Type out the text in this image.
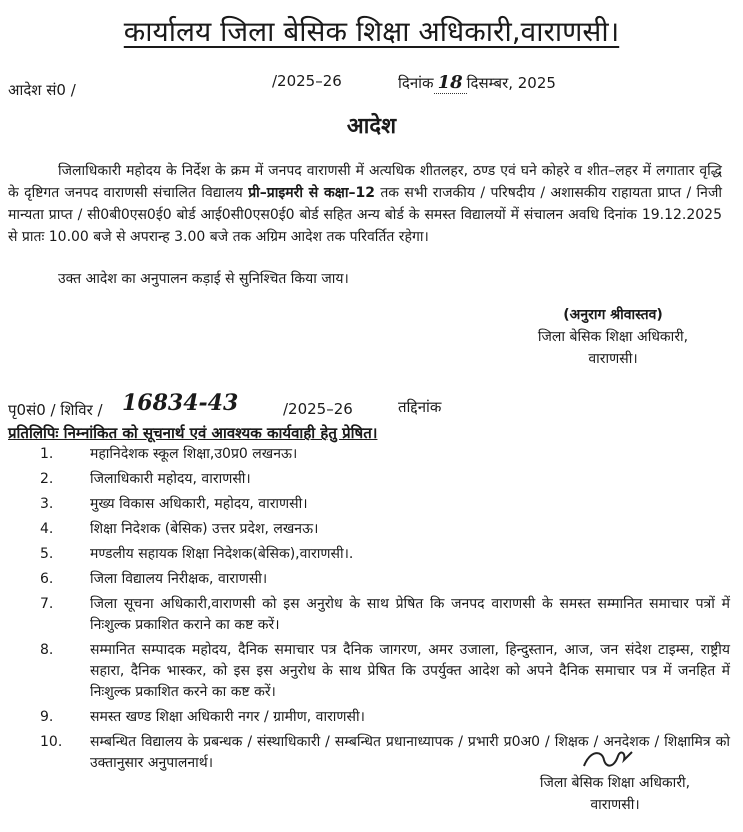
कार्यालय जिला बेसिक शिक्षा अधिकारी,वाराणसी।
आदेश सं0 /	/2025–26	दिनांक 18 दिसम्बर, 2025
आदेश
जिलाधिकारी महोदय के निर्देश के क्रम में जनपद वाराणसी में अत्यधिक शीतलहर, ठण्ड एवं घने कोहरे व शीत–लहर में लगातार वृद्धि के दृष्टिगत जनपद वाराणसी संचालित विद्यालय प्री–प्राइमरी से कक्षा–12 तक सभी राजकीय / परिषदीय / अशासकीय राहायता प्राप्त / निजी मान्यता प्राप्त / सी0बी0एस0ई0 बोर्ड आई0सी0एस0ई0 बोर्ड सहित अन्य बोर्ड के समस्त विद्यालयों में संचालन अवधि दिनांक 19.12.2025 से प्रातः 10.00 बजे से अपरान्ह 3.00 बजे तक अग्रिम आदेश तक परिवर्तित रहेगा।
उक्त आदेश का अनुपालन कड़ाई से सुनिश्चित किया जाय।
(अनुराग श्रीवास्तव)
जिला बेसिक शिक्षा अधिकारी,
वाराणसी।
पृ0सं0 / शिविर / 16834-43	/2025–26	तद्दिनांक
प्रतिलिपिः निम्नांकित को सूचनार्थ एवं आवश्यक कार्यवाही हेतु प्रेषित।
1.	महानिदेशक स्कूल शिक्षा,उ0प्र0 लखनऊ।
2.	जिलाधिकारी महोदय, वाराणसी।
3.	मुख्य विकास अधिकारी, महोदय, वाराणसी।
4.	शिक्षा निदेशक (बेसिक) उत्तर प्रदेश, लखनऊ।
5.	मण्डलीय सहायक शिक्षा निदेशक(बेसिक),वाराणसी।.
6.	जिला विद्यालय निरीक्षक, वाराणसी।
7.	जिला सूचना अधिकारी,वाराणसी को इस अनुरोध के साथ प्रेषित कि जनपद वाराणसी के समस्त सम्मानित समाचार पत्रों में निःशुल्क प्रकाशित कराने का कष्ट करें।
8.	सम्मानित सम्पादक महोदय, दैनिक समाचार पत्र दैनिक जागरण, अमर उजाला, हिन्दुस्तान, आज, जन संदेश टाइम्स, राष्ट्रीय सहारा, दैनिक भास्कर, को इस इस अनुरोध के साथ प्रेषित कि उपर्युक्त आदेश को अपने दैनिक समाचार पत्र में जनहित में निःशुल्क प्रकाशित करने का कष्ट करें।
9.	समस्त खण्ड शिक्षा अधिकारी नगर / ग्रामीण, वाराणसी।
10.	सम्बन्धित विद्यालय के प्रबन्धक / संस्थाधिकारी / सम्बन्धित प्रधानाध्यापक / प्रभारी प्र0अ0 / शिक्षक / अनदेशक / शिक्षामित्र को उक्तानुसार अनुपालनार्थ।
जिला बेसिक शिक्षा अधिकारी,
वाराणसी।
